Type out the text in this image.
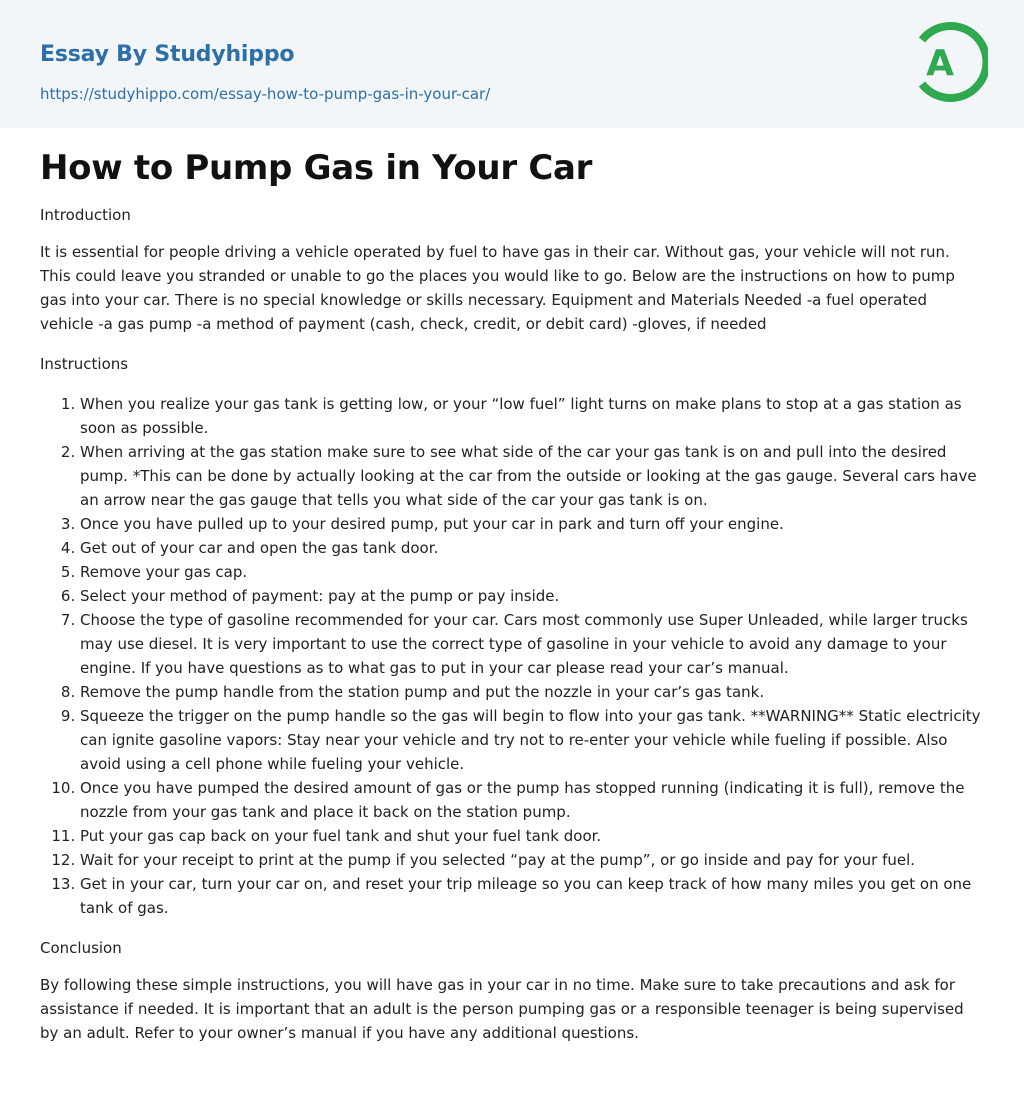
Essay By Studyhippo
https://studyhippo.com/essay-how-to-pump-gas-in-your-car/
A
How to Pump Gas in Your Car

Introduction

It is essential for people driving a vehicle operated by fuel to have gas in their car. Without gas, your vehicle will not run. This could leave you stranded or unable to go the places you would like to go. Below are the instructions on how to pump gas into your car. There is no special knowledge or skills necessary. Equipment and Materials Needed -a fuel operated vehicle -a gas pump -a method of payment (cash, check, credit, or debit card) -gloves, if needed

Instructions

1. When you realize your gas tank is getting low, or your “low fuel” light turns on make plans to stop at a gas station as soon as possible.
2. When arriving at the gas station make sure to see what side of the car your gas tank is on and pull into the desired pump. *This can be done by actually looking at the car from the outside or looking at the gas gauge. Several cars have an arrow near the gas gauge that tells you what side of the car your gas tank is on.
3. Once you have pulled up to your desired pump, put your car in park and turn off your engine.
4. Get out of your car and open the gas tank door.
5. Remove your gas cap.
6. Select your method of payment: pay at the pump or pay inside.
7. Choose the type of gasoline recommended for your car. Cars most commonly use Super Unleaded, while larger trucks may use diesel. It is very important to use the correct type of gasoline in your vehicle to avoid any damage to your engine. If you have questions as to what gas to put in your car please read your car’s manual.
8. Remove the pump handle from the station pump and put the nozzle in your car’s gas tank.
9. Squeeze the trigger on the pump handle so the gas will begin to flow into your gas tank. **WARNING** Static electricity can ignite gasoline vapors: Stay near your vehicle and try not to re-enter your vehicle while fueling if possible. Also avoid using a cell phone while fueling your vehicle.
10. Once you have pumped the desired amount of gas or the pump has stopped running (indicating it is full), remove the nozzle from your gas tank and place it back on the station pump.
11. Put your gas cap back on your fuel tank and shut your fuel tank door.
12. Wait for your receipt to print at the pump if you selected “pay at the pump”, or go inside and pay for your fuel.
13. Get in your car, turn your car on, and reset your trip mileage so you can keep track of how many miles you get on one tank of gas.

Conclusion

By following these simple instructions, you will have gas in your car in no time. Make sure to take precautions and ask for assistance if needed. It is important that an adult is the person pumping gas or a responsible teenager is being supervised by an adult. Refer to your owner’s manual if you have any additional questions.
